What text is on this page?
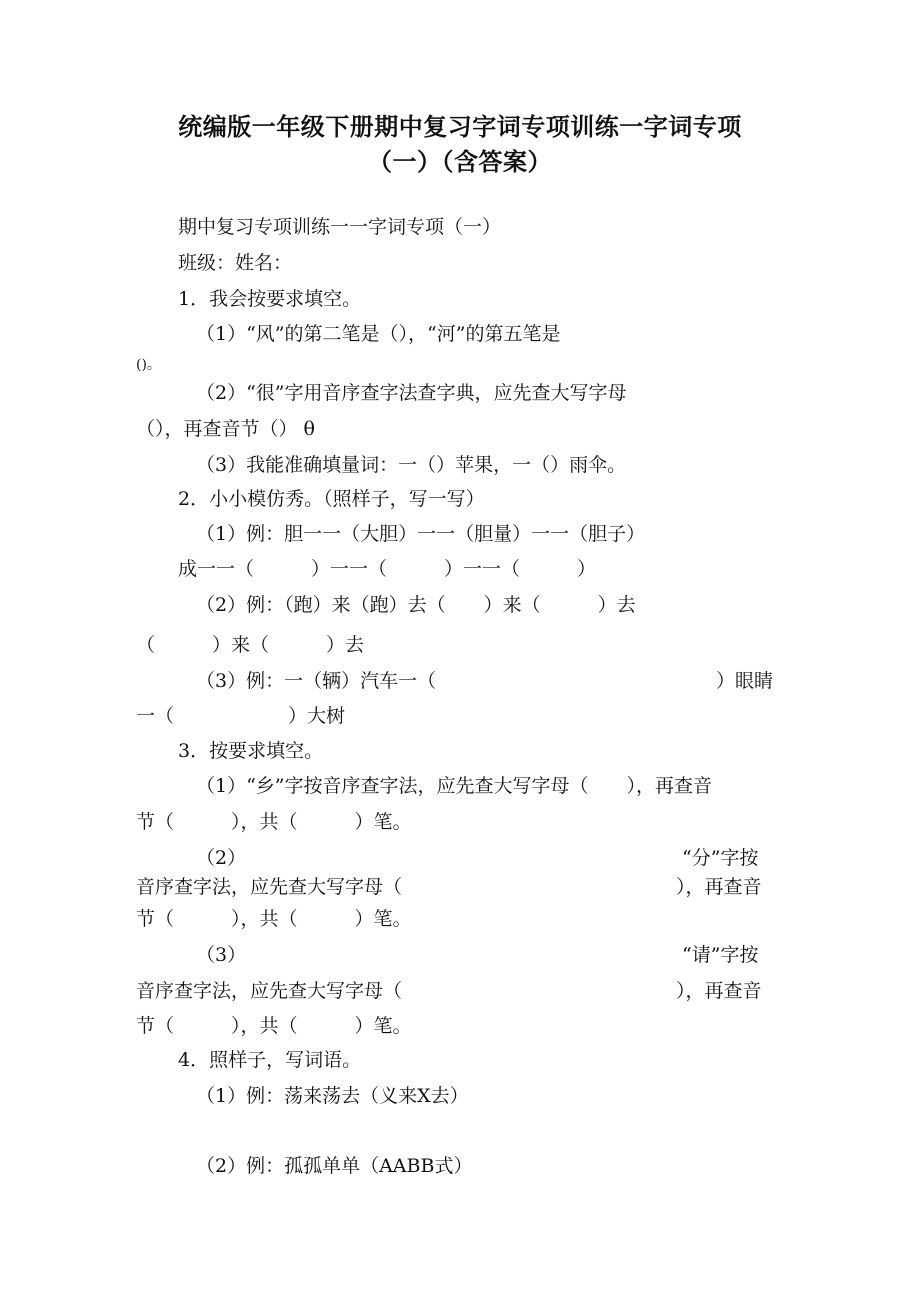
统编版一年级下册期中复习字词专项训练一字词专项
（一）（含答案）

期中复习专项训练一一字词专项（一）

班级：姓名：

1．我会按要求填空。

（1）“风”的第二笔是（），“河”的第五笔是

()。

（2）“很”字用音序查字法查字典，应先查大写字母

（），再查音节（） θ

（3）我能准确填量词：一（）苹果，一（）雨伞。

2．小小模仿秀。（照样子，写一写）

（1）例：胆一一（大胆）一一（胆量）一一（胆子）

成一一（　　　）一一（　　　）一一（　　　）

（2）例：（跑）来（跑）去（　　）来（　　　）去

（　　　）来（　　　）去

（3）例：一（辆）汽车一（	）眼睛

一（　　　　　　）大树

3．按要求填空。

（1）“乡”字按音序查字法，应先查大写字母（　　），再查音

节（　　　），共（　　　）笔。

（2）	“分”字按

音序查字法，应先查大写字母（	），再查音

节（　　　），共（　　　）笔。

（3）	“请”字按

音序查字法，应先查大写字母（	），再查音

节（　　　），共（　　　）笔。

4．照样子，写词语。

（1）例：荡来荡去（义来X去）

（2）例：孤孤单单（AABB式）
